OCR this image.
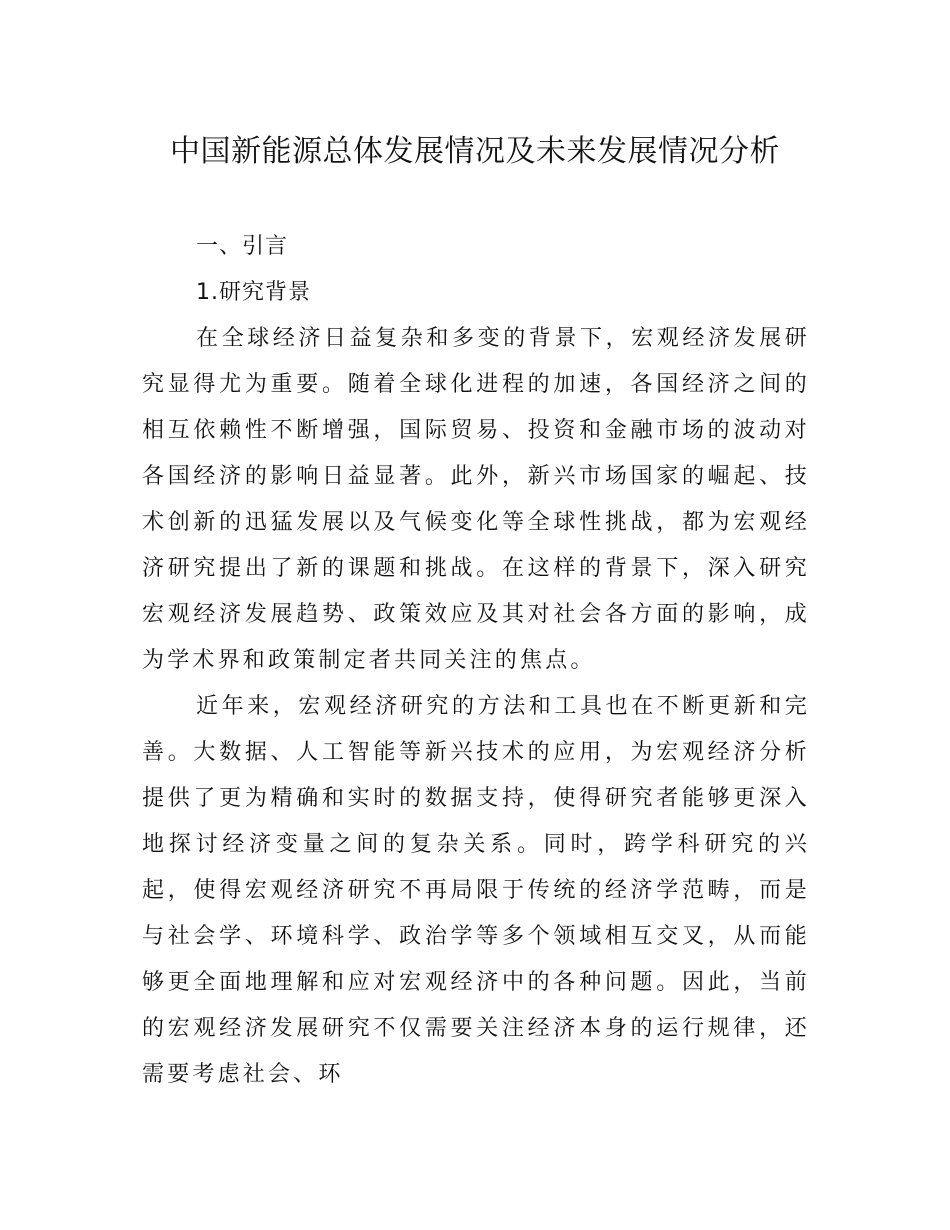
中国新能源总体发展情况及未来发展情况分析

一、引言

1.研究背景

在全球经济日益复杂和多变的背景下，宏观经济发展研究显得尤为重要。随着全球化进程的加速，各国经济之间的相互依赖性不断增强，国际贸易、投资和金融市场的波动对各国经济的影响日益显著。此外，新兴市场国家的崛起、技术创新的迅猛发展以及气候变化等全球性挑战，都为宏观经济研究提出了新的课题和挑战。在这样的背景下，深入研究宏观经济发展趋势、政策效应及其对社会各方面的影响，成为学术界和政策制定者共同关注的焦点。

近年来，宏观经济研究的方法和工具也在不断更新和完善。大数据、人工智能等新兴技术的应用，为宏观经济分析提供了更为精确和实时的数据支持，使得研究者能够更深入地探讨经济变量之间的复杂关系。同时，跨学科研究的兴起，使得宏观经济研究不再局限于传统的经济学范畴，而是与社会学、环境科学、政治学等多个领域相互交叉，从而能够更全面地理解和应对宏观经济中的各种问题。因此，当前的宏观经济发展研究不仅需要关注经济本身的运行规律，还需要考虑社会、环
